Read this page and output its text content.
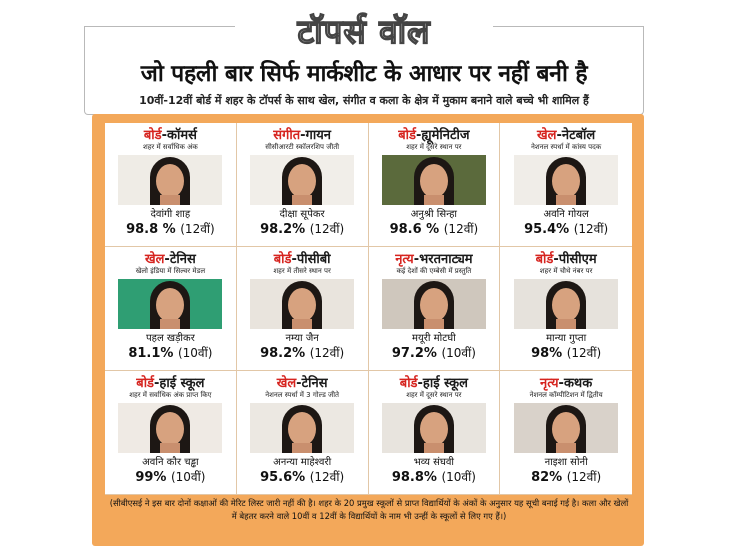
टॉपर्स वॉल
जो पहली बार सिर्फ मार्कशीट के आधार पर नहीं बनी है
10वीं-12वीं बोर्ड में शहर के टॉपर्स के साथ खेल, संगीत व कला के क्षेत्र में मुकाम बनाने वाले बच्चे भी शामिल हैं
बोर्ड-कॉमर्स
शहर में सर्वाधिक अंक
देवांगी शाह
98.8 % (12वीं)
संगीत-गायन
सीसीआरटी स्कॉलरशिप जीती
दीक्षा सूपेकर
98.2% (12वीं)
बोर्ड-ह्यूमेनिटीज
शहर में दूसरे स्थान पर
अनुश्री सिन्हा
98.6 % (12वीं)
खेल-नेटबॉल
नेशनल स्पर्धा में कांस्य पदक
अवनि गोयल
95.4% (12वीं)
खेल-टेनिस
खेलो इंडिया में सिल्वर मेडल
पहल खड़ीकर
81.1% (10वीं)
बोर्ड-पीसीबी
शहर में तीसरे स्थान पर
नम्या जैन
98.2% (12वीं)
नृत्य-भरतनाट्यम
कई देशों की एम्बेसी में प्रस्तुति
मयूरी मोटघी
97.2% (10वीं)
बोर्ड-पीसीएम
शहर में चौथे नंबर पर
मान्या गुप्ता
98% (12वीं)
बोर्ड-हाई स्कूल
शहर में सर्वाधिक अंक प्राप्त किए
अवनि कौर चड्ढा
99% (10वीं)
खेल-टेनिस
नेशनल स्पर्धा में 3 गोल्ड जीते
अनन्या माहेश्वरी
95.6% (12वीं)
बोर्ड-हाई स्कूल
शहर में दूसरे स्थान पर
भव्य संघवी
98.8% (10वीं)
नृत्य-कथक
नेशनल कॉम्पीटिशन में द्वितीय
नाइशा सोनी
82% (12वीं)
(सीबीएसई ने इस बार दोनों कक्षाओं की मेरिट लिस्ट जारी नहीं की है। शहर के 20 प्रमुख स्कूलों से प्राप्त विद्यार्थियों के अंकों के अनुसार यह सूची बनाई गई है। कला और खेलों में बेहतर करने वाले 10वीं व 12वीं के विद्यार्थियों के नाम भी उन्हीं के स्कूलों से लिए गए हैं।)
